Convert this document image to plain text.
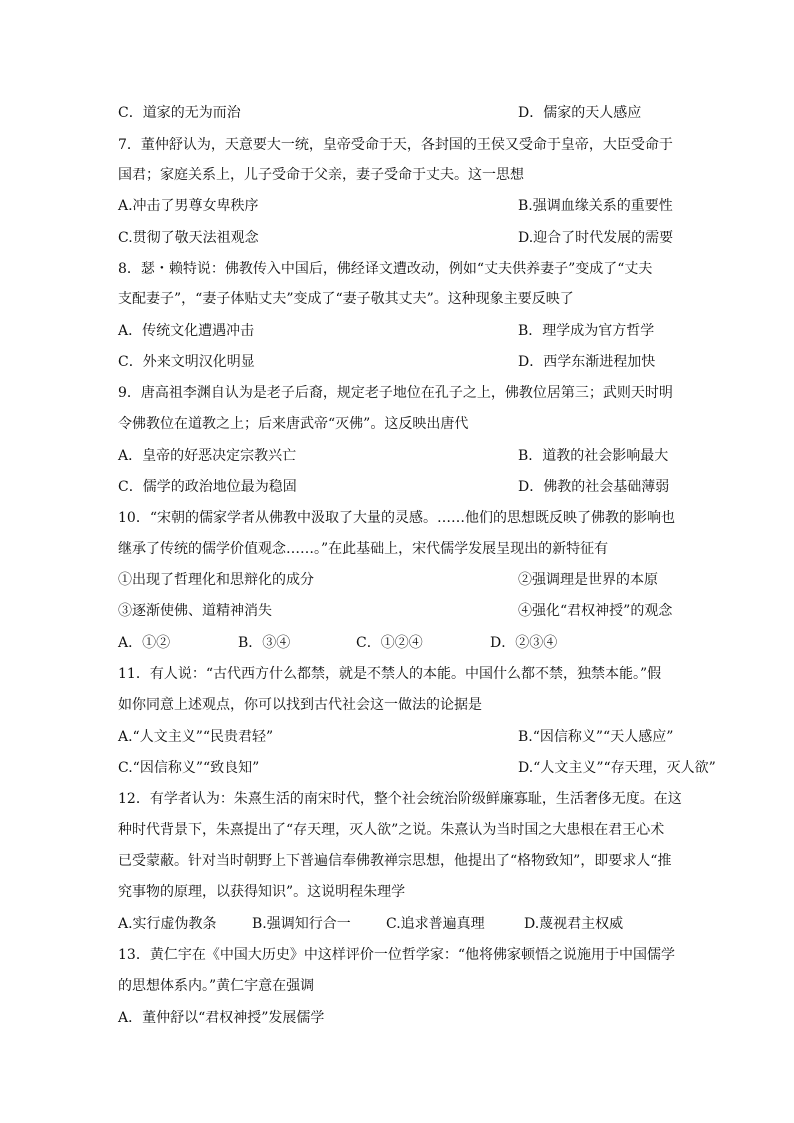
C．道家的无为而治	D．儒家的天人感应
7．董仲舒认为，天意要大一统，皇帝受命于天，各封国的王侯又受命于皇帝，大臣受命于
国君；家庭关系上，儿子受命于父亲，妻子受命于丈夫。这一思想
A.冲击了男尊女卑秩序	B.强调血缘关系的重要性
C.贯彻了敬天法祖观念	D.迎合了时代发展的需要
8．瑟・赖特说：佛教传入中国后，佛经译文遭改动，例如“丈夫供养妻子”变成了“丈夫
支配妻子”，“妻子体贴丈夫”变成了“妻子敬其丈夫”。这种现象主要反映了
A．传统文化遭遇冲击	B．理学成为官方哲学
C．外来文明汉化明显	D．西学东渐进程加快
9．唐高祖李渊自认为是老子后裔，规定老子地位在孔子之上，佛教位居第三；武则天时明
令佛教位在道教之上；后来唐武帝“灭佛”。这反映出唐代
A．皇帝的好恶决定宗教兴亡	B．道教的社会影响最大
C．儒学的政治地位最为稳固	D．佛教的社会基础薄弱
10．“宋朝的儒家学者从佛教中汲取了大量的灵感。……他们的思想既反映了佛教的影响也
继承了传统的儒学价值观念……。”在此基础上，宋代儒学发展呈现出的新特征有
①出现了哲理化和思辩化的成分	②强调理是世界的本原
③逐渐使佛、道精神消失	④强化“君权神授”的观念
A．①②	B．③④	C．①②④	D．②③④
11．有人说：“古代西方什么都禁，就是不禁人的本能。中国什么都不禁，独禁本能。”假
如你同意上述观点，你可以找到古代社会这一做法的论据是
A.“人文主义”“民贵君轻”	B.“因信称义”“天人感应”
C.“因信称义”“致良知”	D.“人文主义”“存天理，灭人欲”
12．有学者认为：朱熹生活的南宋时代，整个社会统治阶级鲜廉寡耻，生活奢侈无度。在这
种时代背景下，朱熹提出了“存天理，灭人欲”之说。朱熹认为当时国之大患根在君王心术
已受蒙蔽。针对当时朝野上下普遍信奉佛教禅宗思想，他提出了“格物致知”，即要求人“推
究事物的原理，以获得知识”。这说明程朱理学
A.实行虚伪教条	B.强调知行合一	C.追求普遍真理	D.蔑视君主权威
13．黄仁宇在《中国大历史》中这样评价一位哲学家：“他将佛家顿悟之说施用于中国儒学
的思想体系内。”黄仁宇意在强调
A．董仲舒以“君权神授”发展儒学
